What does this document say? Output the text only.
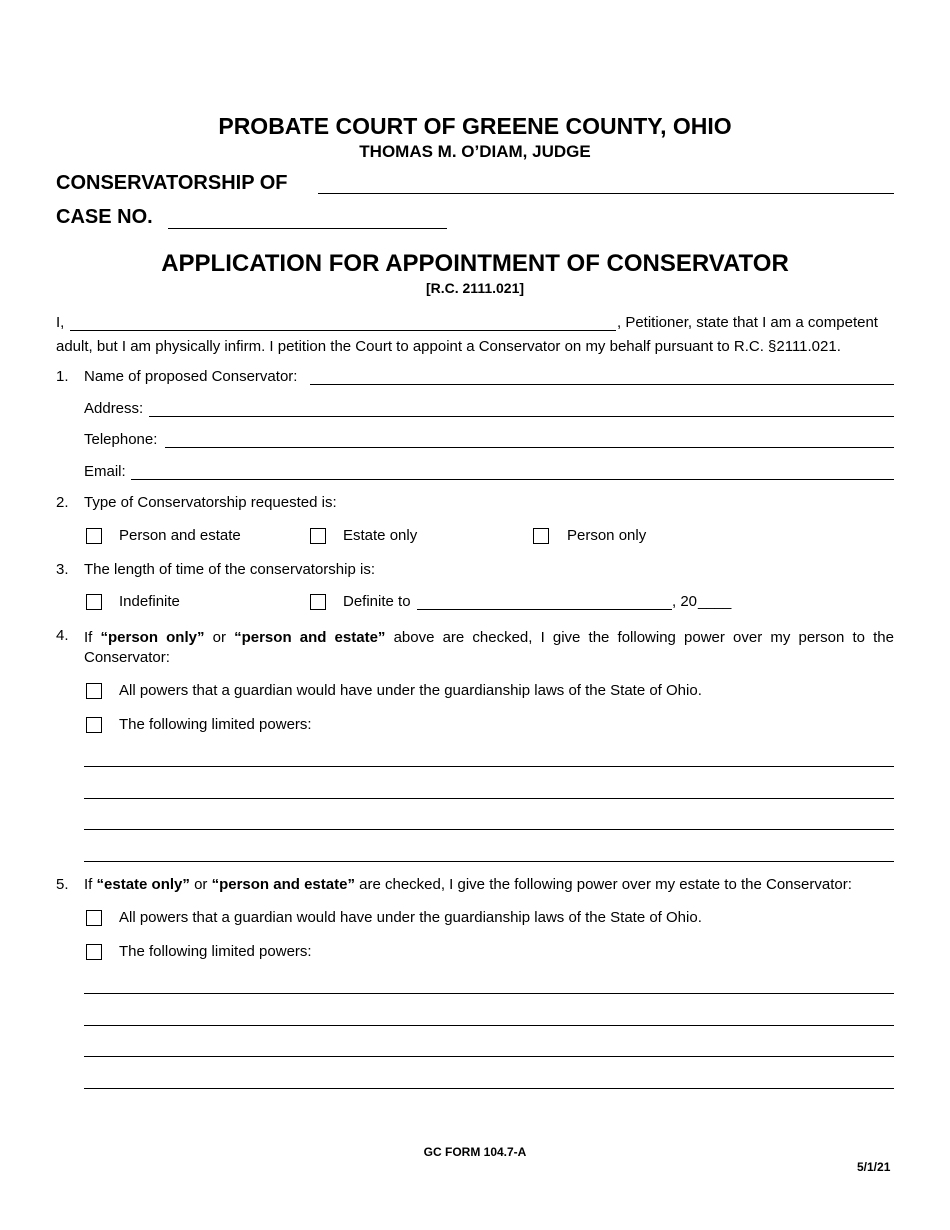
PROBATE COURT OF GREENE COUNTY, OHIO
THOMAS M. O’DIAM, JUDGE
CONSERVATORSHIP OF
CASE NO.
APPLICATION FOR APPOINTMENT OF CONSERVATOR
[R.C. 2111.021]
I,	, Petitioner, state that I am a competent
adult, but I am physically infirm. I petition the Court to appoint a Conservator on my behalf pursuant to R.C. §2111.021.
1. Name of proposed Conservator:
Address:
Telephone:
Email:
2. Type of Conservatorship requested is:
Person and estate	Estate only	Person only
3. The length of time of the conservatorship is:
Indefinite	Definite to	, 20 ____
4. If “person only” or “person and estate” above are checked, I give the following power over my person to the
Conservator:
All powers that a guardian would have under the guardianship laws of the State of Ohio.
The following limited powers:
5. If “estate only” or “person and estate” are checked, I give the following power over my estate to the Conservator:
All powers that a guardian would have under the guardianship laws of the State of Ohio.
The following limited powers:
GC FORM 104.7-A
5/1/21
